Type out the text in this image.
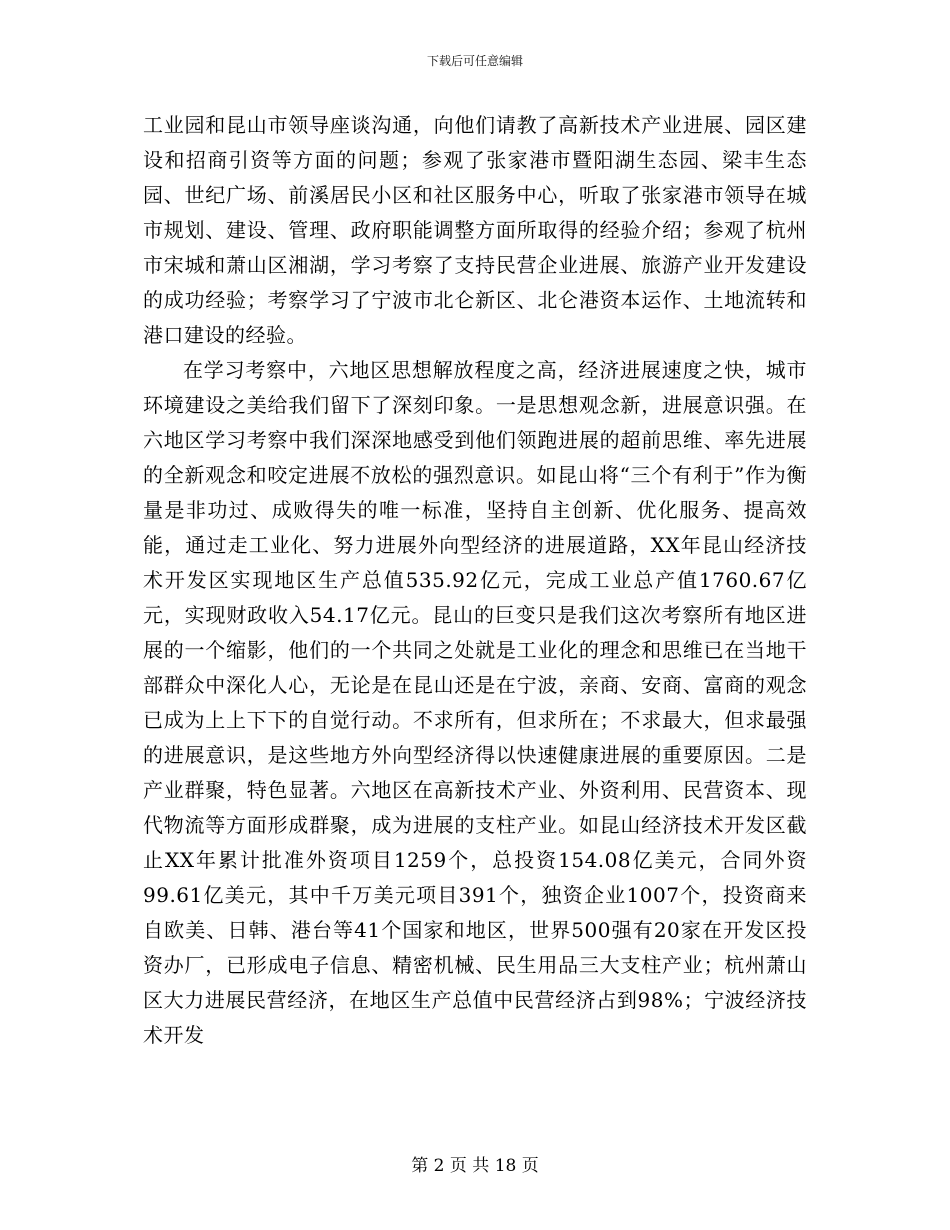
下载后可任意编辑

工业园和昆山市领导座谈沟通，向他们请教了高新技术产业进展、园区建设和招商引资等方面的问题；参观了张家港市暨阳湖生态园、梁丰生态园、世纪广场、前溪居民小区和社区服务中心，听取了张家港市领导在城市规划、建设、管理、政府职能调整方面所取得的经验介绍；参观了杭州市宋城和萧山区湘湖，学习考察了支持民营企业进展、旅游产业开发建设的成功经验；考察学习了宁波市北仑新区、北仑港资本运作、土地流转和港口建设的经验。

在学习考察中，六地区思想解放程度之高，经济进展速度之快，城市环境建设之美给我们留下了深刻印象。一是思想观念新，进展意识强。在六地区学习考察中我们深深地感受到他们领跑进展的超前思维、率先进展的全新观念和咬定进展不放松的强烈意识。如昆山将“三个有利于”作为衡量是非功过、成败得失的唯一标准，坚持自主创新、优化服务、提高效能，通过走工业化、努力进展外向型经济的进展道路，XX年昆山经济技术开发区实现地区生产总值535.92亿元，完成工业总产值1760.67亿元，实现财政收入54.17亿元。昆山的巨变只是我们这次考察所有地区进展的一个缩影，他们的一个共同之处就是工业化的理念和思维已在当地干部群众中深化人心，无论是在昆山还是在宁波，亲商、安商、富商的观念已成为上上下下的自觉行动。不求所有，但求所在；不求最大，但求最强的进展意识，是这些地方外向型经济得以快速健康进展的重要原因。二是产业群聚，特色显著。六地区在高新技术产业、外资利用、民营资本、现代物流等方面形成群聚，成为进展的支柱产业。如昆山经济技术开发区截止XX年累计批准外资项目1259个，总投资154.08亿美元，合同外资99.61亿美元，其中千万美元项目391个，独资企业1007个，投资商来自欧美、日韩、港台等41个国家和地区，世界500强有20家在开发区投资办厂，已形成电子信息、精密机械、民生用品三大支柱产业；杭州萧山区大力进展民营经济，在地区生产总值中民营经济占到98%；宁波经济技术开发

第 2 页 共 18 页
